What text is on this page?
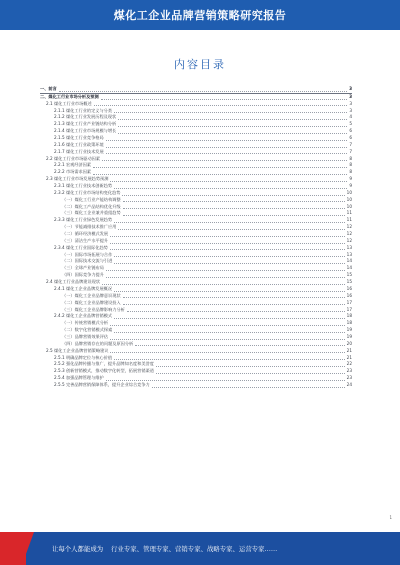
煤化工企业品牌营销策略研究报告
内容目录
一、前言	3
二、煤化工行业市场分析及预测	3
2.1 煤化工行业市场概述	3
2.1.1 煤化工行业的定义与分类	3
2.1.2 煤化工行业发展历程及现状	4
2.1.3 煤化工行业产业链结构分析	5
2.1.4 煤化工行业市场规模与增长	6
2.1.5 煤化工行业竞争格局	6
2.1.6 煤化工行业政策环境	7
2.1.7 煤化工行业技术发展	7
2.2 煤化工行业市场驱动因素	8
2.2.1 宏观经济因素	8
2.2.2 市场需求因素	8
2.3 煤化工行业市场发展趋势预测	9
2.3.1 煤化工行业技术创新趋势	9
2.3.2 煤化工行业市场结构变化趋势	10
（一）煤化工行业产能结构调整	10
（二）煤化工产品结构优化升级	10
（三）煤化工企业兼并重组趋势	11
2.3.3 煤化工行业绿色发展趋势	11
（一）节能减排技术推广应用	12
（二）循环经济模式发展	12
（三）清洁生产水平提升	12
2.3.4 煤化工行业国际化趋势	13
（一）国际市场拓展与合作	13
（二）国际技术交流与引进	14
（三）全球产业链布局	14
（四）国际竞争力提升	15
2.4 煤化工行业品牌建设现状	15
2.4.1 煤化工企业品牌发展概况	16
（一）煤化工企业品牌意识现状	16
（二）煤化工企业品牌建设投入	17
（三）煤化工企业品牌影响力分析	17
2.4.2 煤化工企业品牌营销模式	18
（一）传统营销模式分析	18
（二）数字化营销模式探索	19
（三）品牌营销效果评估	19
（四）品牌营销存在的问题及原因分析	20
2.5 煤化工企业品牌营销策略建议	21
2.5.1 明确品牌定位与核心价值	21
2.5.2 强化品牌传播与推广，提升品牌知名度和美誉度	22
2.5.3 创新营销模式，推动数字化转型，拓展营销渠道	23
2.5.4 加强品牌管理与维护	23
2.5.5 完善品牌营销保障体系，提升企业综合竞争力	24
1
让每个人都能成为 行业专家、管理专家、营销专家、战略专家、运营专家……
